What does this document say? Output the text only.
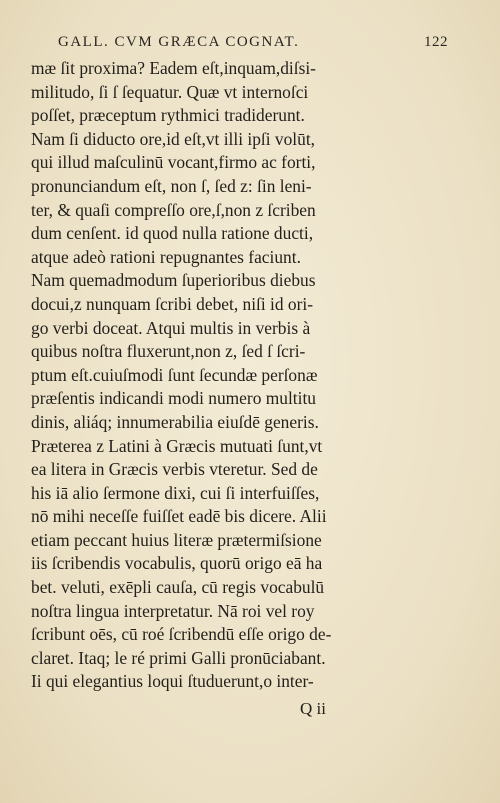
GALL. CVM GRÆCA COGNAT.	122
mæ ſit proxima? Eadem eſt,inquam,diſsi-
militudo, ſi ſ ſequatur. Quæ vt internoſci
poſſet, præceptum rythmici tradiderunt.
Nam ſi diducto ore,id eſt,vt illi ipſi volūt,
qui illud maſculinū vocant,firmo ac forti,
pronunciandum eſt, non ſ, ſed z: ſin leni-
ter, & quaſi compreſſo ore,ſ,non z ſcriben
dum cenſent. id quod nulla ratione ducti,
atque adeò rationi repugnantes faciunt.
Nam quemadmodum ſuperioribus diebus
docui,z nunquam ſcribi debet, niſi id ori-
go verbi doceat. Atqui multis in verbis à
quibus noſtra fluxerunt,non z, ſed ſ ſcri-
ptum eſt.cuiuſmodi ſunt ſecundæ perſonæ
præſentis indicandi modi numero multitu
dinis, aliáq; innumerabilia eiuſdē generis.
Præterea z Latini à Græcis mutuati ſunt,vt
ea litera in Græcis verbis vteretur. Sed de
his iā alio ſermone dixi, cui ſi interfuiſſes,
nō mihi neceſſe fuiſſet eadē bis dicere. Alii
etiam peccant huius literæ prætermiſsione
iis ſcribendis vocabulis, quorū origo eā ha
bet. veluti, exēpli cauſa, cū regis vocabulū
noſtra lingua interpretatur. Nā roi vel roy
ſcribunt oēs, cū roé ſcribendū eſſe origo de-
claret. Itaq; le ré primi Galli pronūciabant.
Ii qui elegantius loqui ſtuduerunt,o inter-
Q ii
